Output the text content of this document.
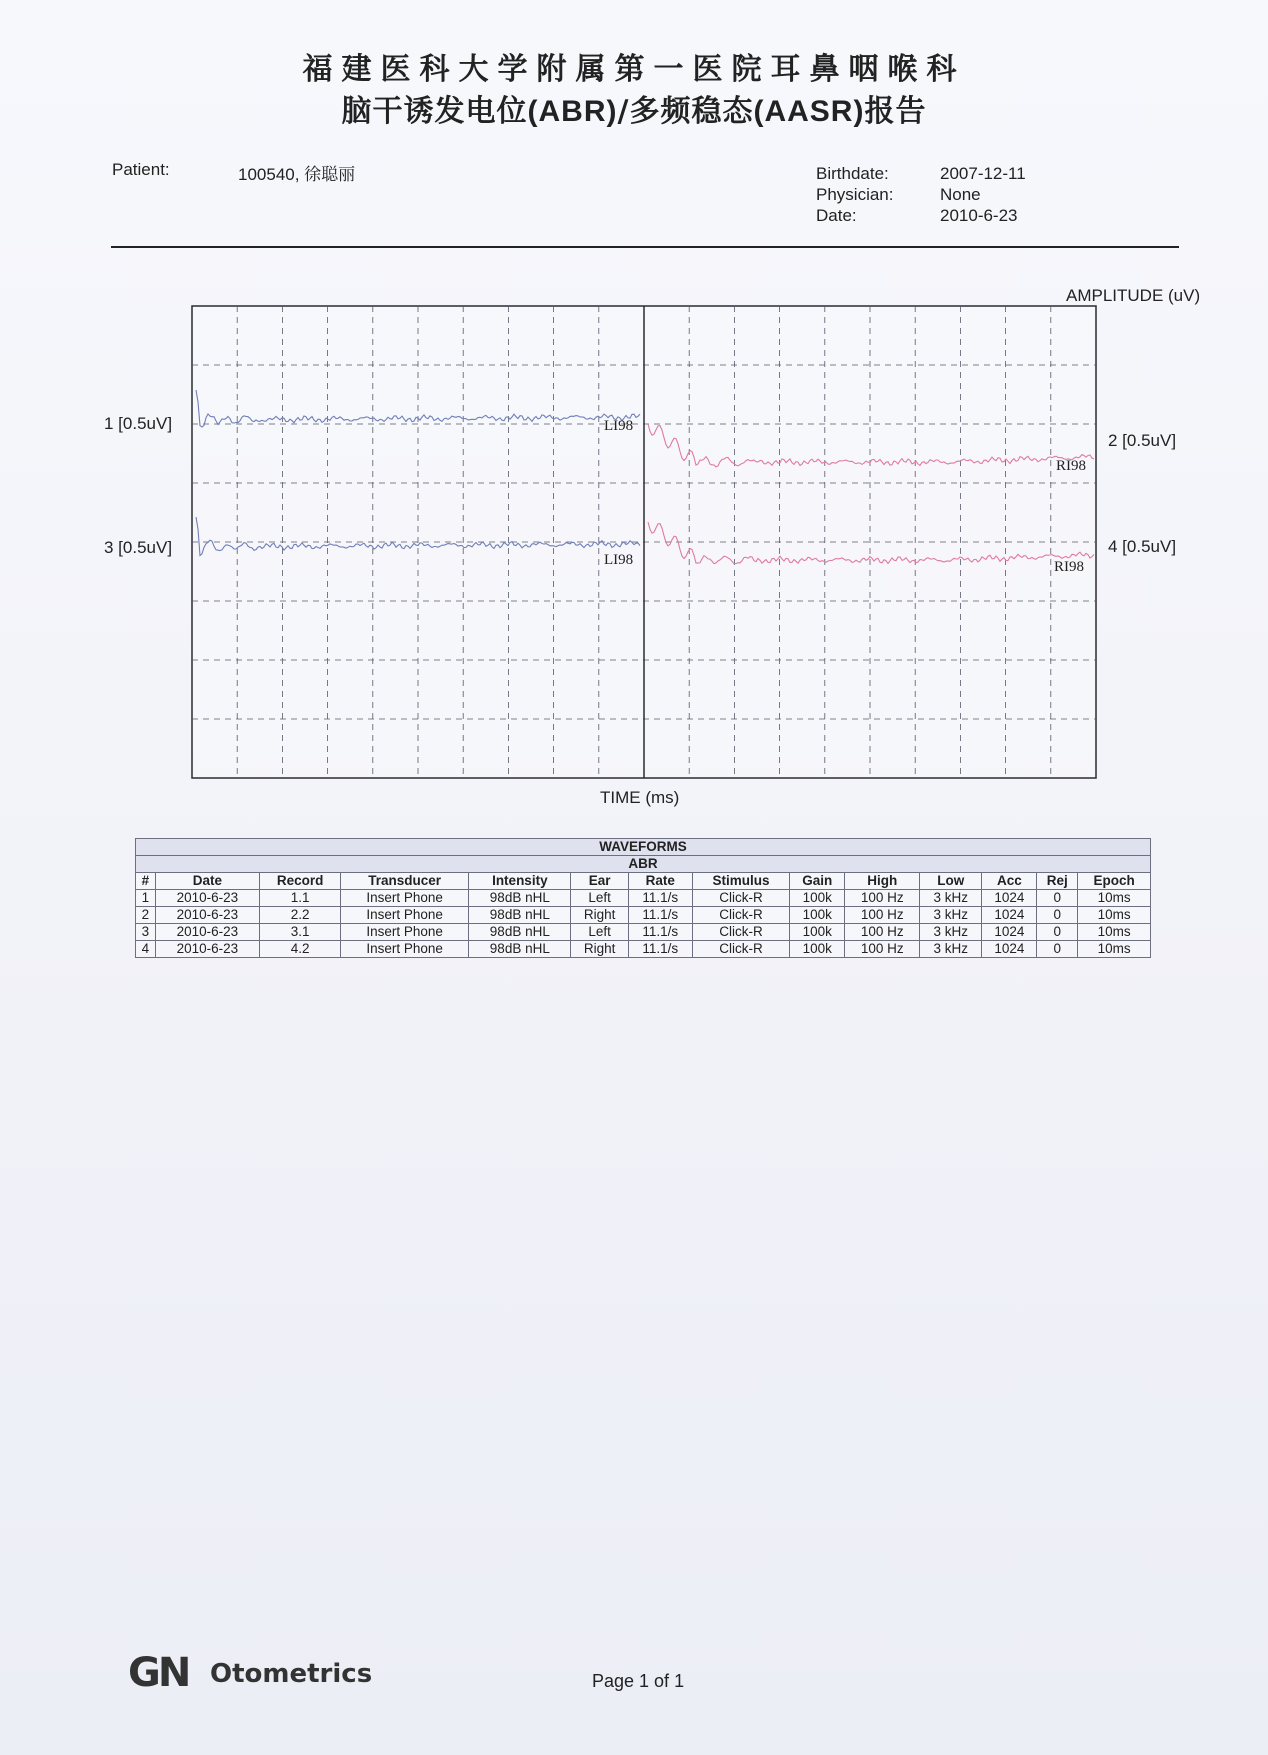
福建医科大学附属第一医院耳鼻咽喉科
脑干诱发电位(ABR)/多频稳态(AASR)报告
Patient:	100540, 徐聪丽	Birthdate:	2007-12-11
Physician:	None
Date:	2010-6-23
AMPLITUDE (uV)
TIME (ms)
1 [0.5uV]
2 [0.5uV]
3 [0.5uV]	4 [0.5uV]
LI98
RI98
LI98	RI98
WAVEFORMS													
ABR													
#	Date	Record	Transducer	Intensity	Ear	Rate	Stimulus	Gain	High	Low	Acc	Rej	Epoch
1	2010-6-23	1.1	Insert Phone	98dB nHL	Left	11.1/s	Click-R	100k	100 Hz	3 kHz	1024	0	10ms
2	2010-6-23	2.2	Insert Phone	98dB nHL	Right	11.1/s	Click-R	100k	100 Hz	3 kHz	1024	0	10ms
3	2010-6-23	3.1	Insert Phone	98dB nHL	Left	11.1/s	Click-R	100k	100 Hz	3 kHz	1024	0	10ms
4	2010-6-23	4.2	Insert Phone	98dB nHL	Right	11.1/s	Click-R	100k	100 Hz	3 kHz	1024	0	10ms
GN Otometrics	Page 1 of 1
